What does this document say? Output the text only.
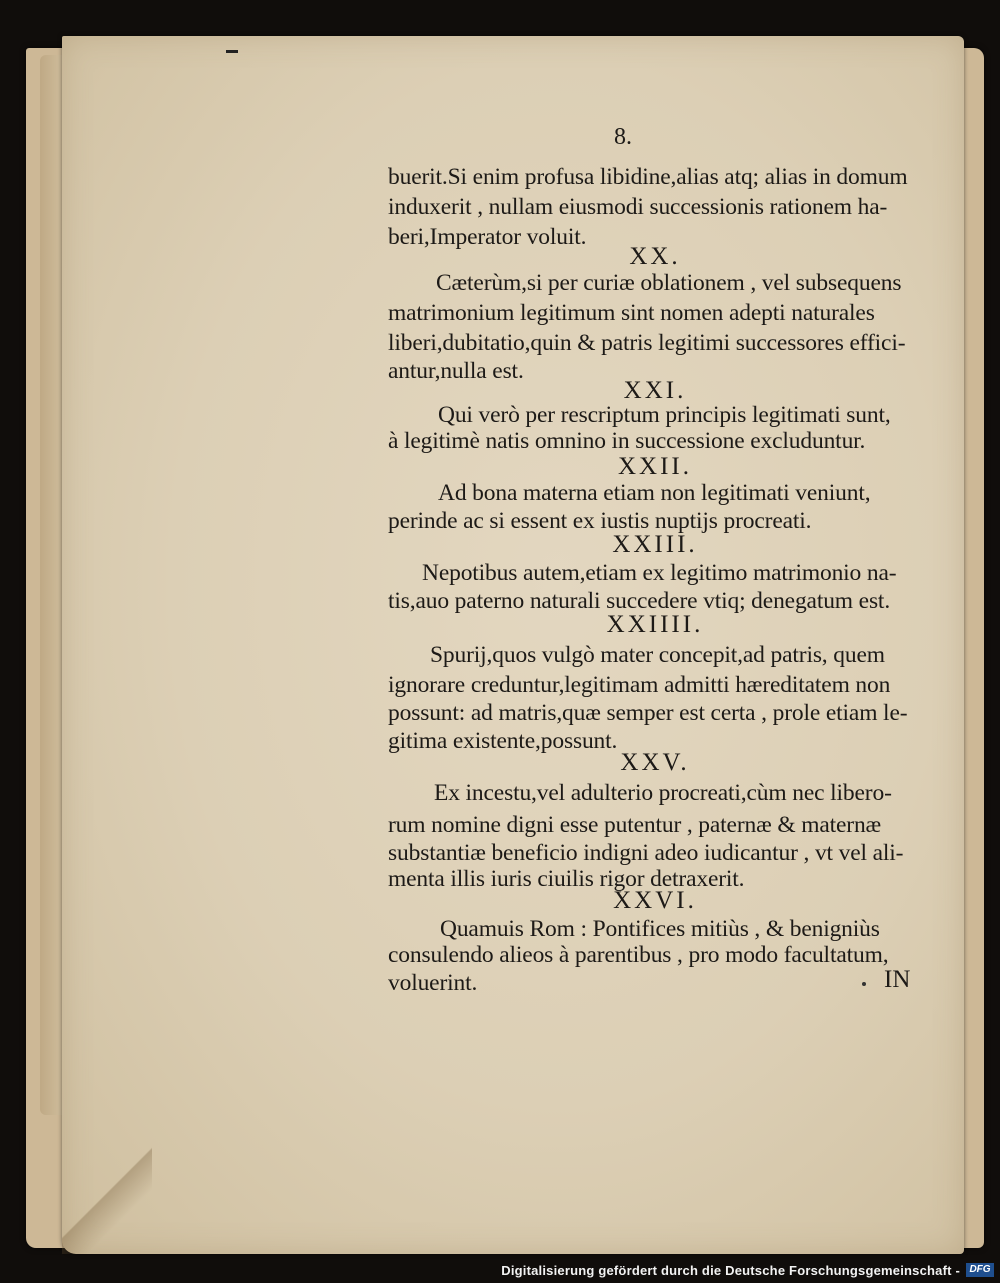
8.
buerit.Si enim profusa libidine,alias atq; alias in domum
induxerit , nullam eiusmodi successionis rationem ha-
beri,Imperator voluit.
XX.
Cæterùm,si per curiæ oblationem , vel subsequens
matrimonium legitimum sint nomen adepti naturales
liberi,dubitatio,quin & patris legitimi successores effici-
antur,nulla est.
XXI.
Qui verò per rescriptum principis legitimati sunt,
à legitimè natis omnino in successione excluduntur.
XXII.
Ad bona materna etiam non legitimati veniunt,
perinde ac si essent ex iustis nuptijs procreati.
XXIII.
Nepotibus autem,etiam ex legitimo matrimonio na-
tis,auo paterno naturali succedere vtiq; denegatum est.
XXIIII.
Spurij,quos vulgò mater concepit,ad patris, quem
ignorare creduntur,legitimam admitti hæreditatem non
possunt: ad matris,quæ semper est certa , prole etiam le-
gitima existente,possunt.
XXV.
Ex incestu,vel adulterio procreati,cùm nec libero-
rum nomine digni esse putentur , paternæ & maternæ
substantiæ beneficio indigni adeo iudicantur , vt vel ali-
menta illis iuris ciuilis rigor detraxerit.
XXVI.
Quamuis Rom : Pontifices mitiùs , & benigniùs
consulendo alieos à parentibus , pro modo facultatum,
voluerint.	IN
Digitalisierung gefördert durch die Deutsche Forschungsgemeinschaft - DFG
